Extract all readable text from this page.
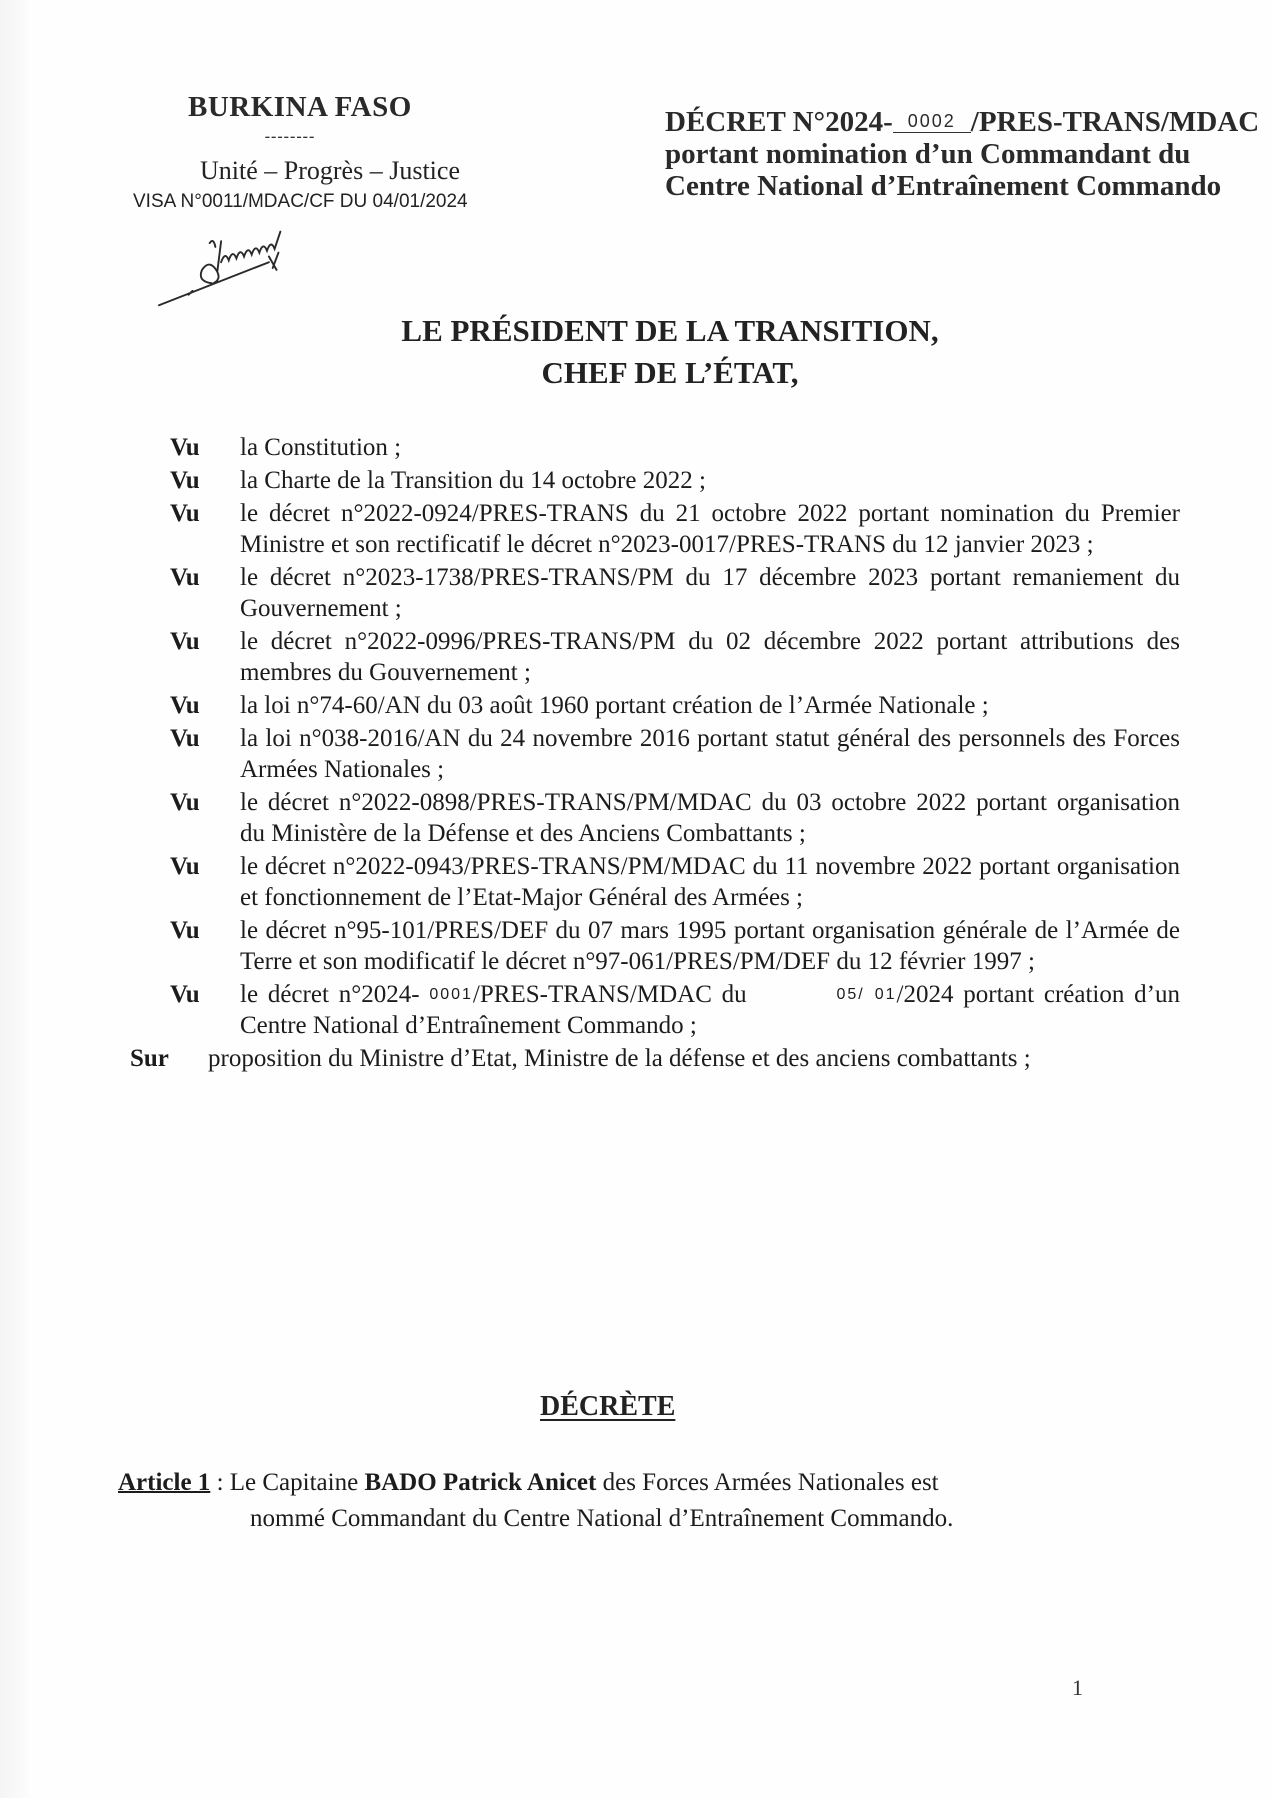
BURKINA FASO
--------
Unité – Progrès – Justice
VISA N°0011/MDAC/CF DU 04/01/2024
DÉCRET N°2024- 0002 /PRES-TRANS/MDAC
portant nomination d’un Commandant du
Centre National d’Entraînement Commando
LE PRÉSIDENT DE LA TRANSITION,
CHEF DE L’ÉTAT,
Vu	la Constitution ;
Vu	la Charte de la Transition du 14 octobre 2022 ;
Vu	le décret n°2022-0924/PRES-TRANS du 21 octobre 2022 portant nomination du Premier Ministre et son rectificatif le décret n°2023-0017/PRES-TRANS du 12 janvier 2023 ;
Vu	le décret n°2023-1738/PRES-TRANS/PM du 17 décembre 2023 portant remaniement du Gouvernement ;
Vu	le décret n°2022-0996/PRES-TRANS/PM du 02 décembre 2022 portant attributions des membres du Gouvernement ;
Vu	la loi n°74-60/AN du 03 août 1960 portant création de l’Armée Nationale ;
Vu	la loi n°038-2016/AN du 24 novembre 2016 portant statut général des personnels des Forces Armées Nationales ;
Vu	le décret n°2022-0898/PRES-TRANS/PM/MDAC du 03 octobre 2022 portant organisation du Ministère de la Défense et des Anciens Combattants ;
Vu	le décret n°2022-0943/PRES-TRANS/PM/MDAC du 11 novembre 2022 portant organisation et fonctionnement de l’Etat-Major Général des Armées ;
Vu	le décret n°95-101/PRES/DEF du 07 mars 1995 portant organisation générale de l’Armée de Terre et son modificatif le décret n°97-061/PRES/PM/DEF du 12 février 1997 ;
Vu	le décret n°2024- 0001/PRES-TRANS/MDAC du	05/ 01/2024 portant création d’un Centre National d’Entraînement Commando ;
Sur	proposition du Ministre d’Etat, Ministre de la défense et des anciens combattants ;
DÉCRÈTE
Article 1 : Le Capitaine BADO Patrick Anicet des Forces Armées Nationales est
nommé Commandant du Centre National d’Entraînement Commando.
1
